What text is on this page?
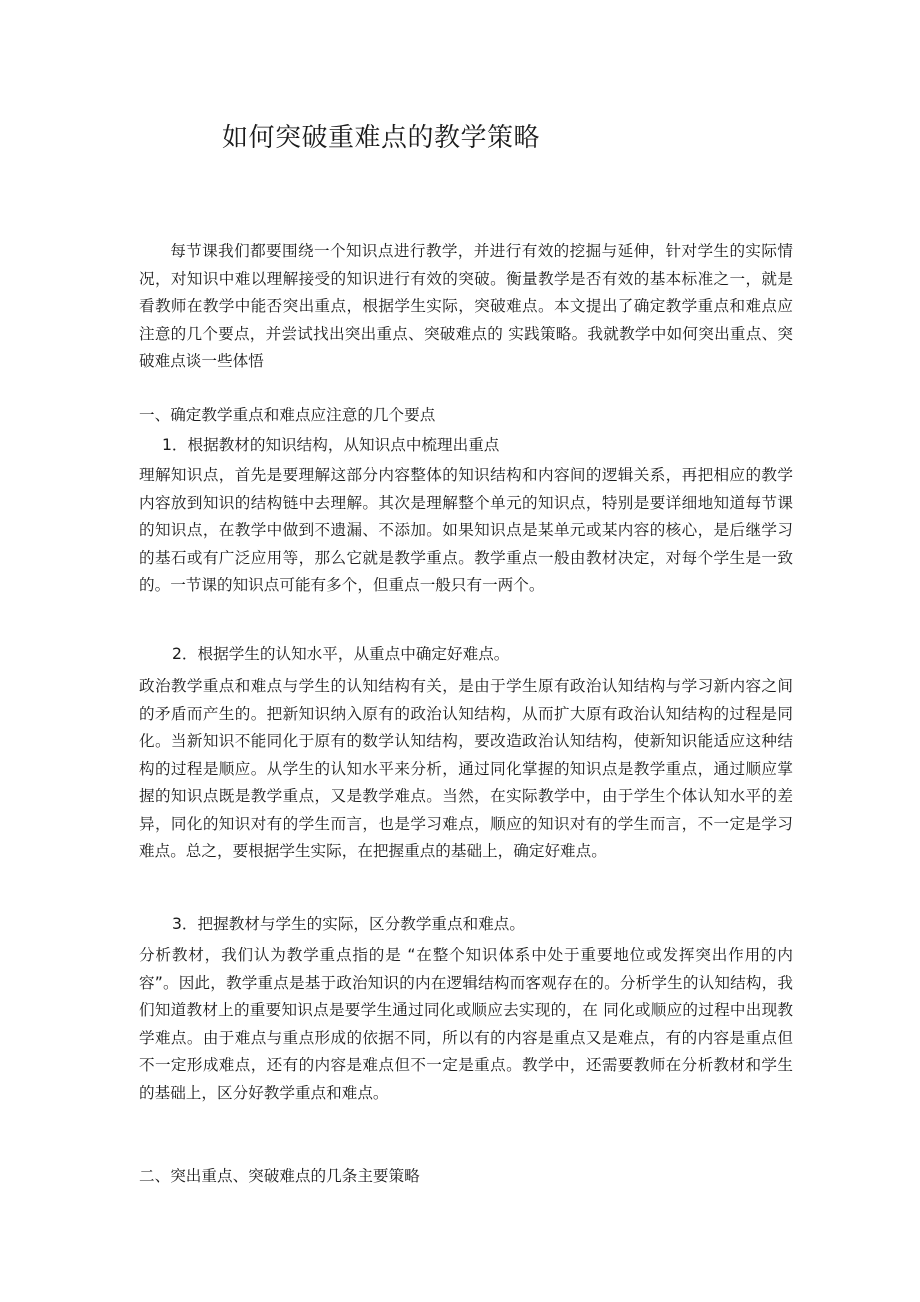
如何突破重难点的教学策略

每节课我们都要围绕一个知识点进行教学，并进行有效的挖掘与延伸，针对学生的实际情况，对知识中难以理解接受的知识进行有效的突破。衡量教学是否有效的基本标准之一，就是看教师在教学中能否突出重点，根据学生实际，突破难点。本文提出了确定教学重点和难点应注意的几个要点，并尝试找出突出重点、突破难点的 实践策略。我就教学中如何突出重点、突破难点谈一些体悟

一、确定教学重点和难点应注意的几个要点

1．根据教材的知识结构，从知识点中梳理出重点

理解知识点，首先是要理解这部分内容整体的知识结构和内容间的逻辑关系，再把相应的教学内容放到知识的结构链中去理解。其次是理解整个单元的知识点，特别是要详细地知道每节课的知识点，在教学中做到不遗漏、不添加。如果知识点是某单元或某内容的核心，是后继学习的基石或有广泛应用等，那么它就是教学重点。教学重点一般由教材决定，对每个学生是一致的。一节课的知识点可能有多个，但重点一般只有一两个。

2．根据学生的认知水平，从重点中确定好难点。

政治教学重点和难点与学生的认知结构有关，是由于学生原有政治认知结构与学习新内容之间的矛盾而产生的。把新知识纳入原有的政治认知结构，从而扩大原有政治认知结构的过程是同化。当新知识不能同化于原有的数学认知结构，要改造政治认知结构，使新知识能适应这种结构的过程是顺应。从学生的认知水平来分析，通过同化掌握的知识点是教学重点，通过顺应掌握的知识点既是教学重点，又是教学难点。当然，在实际教学中，由于学生个体认知水平的差异，同化的知识对有的学生而言，也是学习难点，顺应的知识对有的学生而言，不一定是学习难点。总之，要根据学生实际，在把握重点的基础上，确定好难点。

3．把握教材与学生的实际，区分教学重点和难点。

分析教材，我们认为教学重点指的是 “在整个知识体系中处于重要地位或发挥突出作用的内容”。因此，教学重点是基于政治知识的内在逻辑结构而客观存在的。分析学生的认知结构，我们知道教材上的重要知识点是要学生通过同化或顺应去实现的，在 同化或顺应的过程中出现教学难点。由于难点与重点形成的依据不同，所以有的内容是重点又是难点，有的内容是重点但不一定形成难点，还有的内容是难点但不一定是重点。教学中，还需要教师在分析教材和学生的基础上，区分好教学重点和难点。

二、突出重点、突破难点的几条主要策略
